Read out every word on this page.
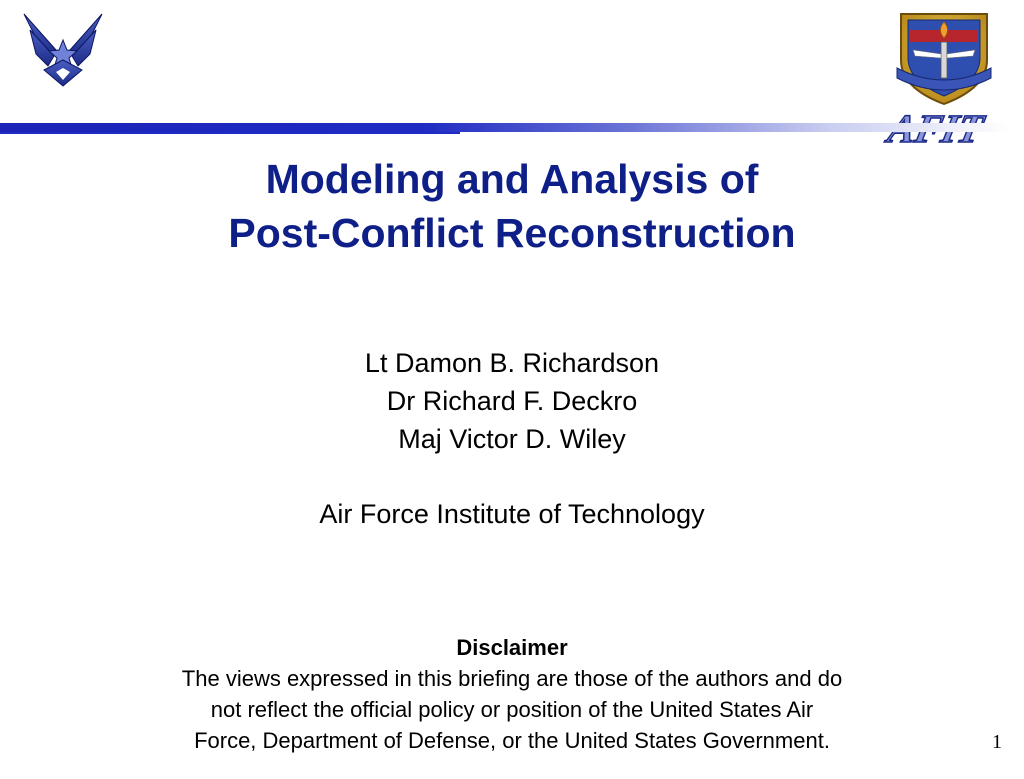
Modeling and Analysis of
Post-Conflict Reconstruction
Lt Damon B. Richardson
Dr Richard F. Deckro
Maj Victor D. Wiley
Air Force Institute of Technology
Disclaimer
The views expressed in this briefing are those of the authors and do
not reflect the official policy or position of the United States Air
Force, Department of Defense, or the United States Government.	1
